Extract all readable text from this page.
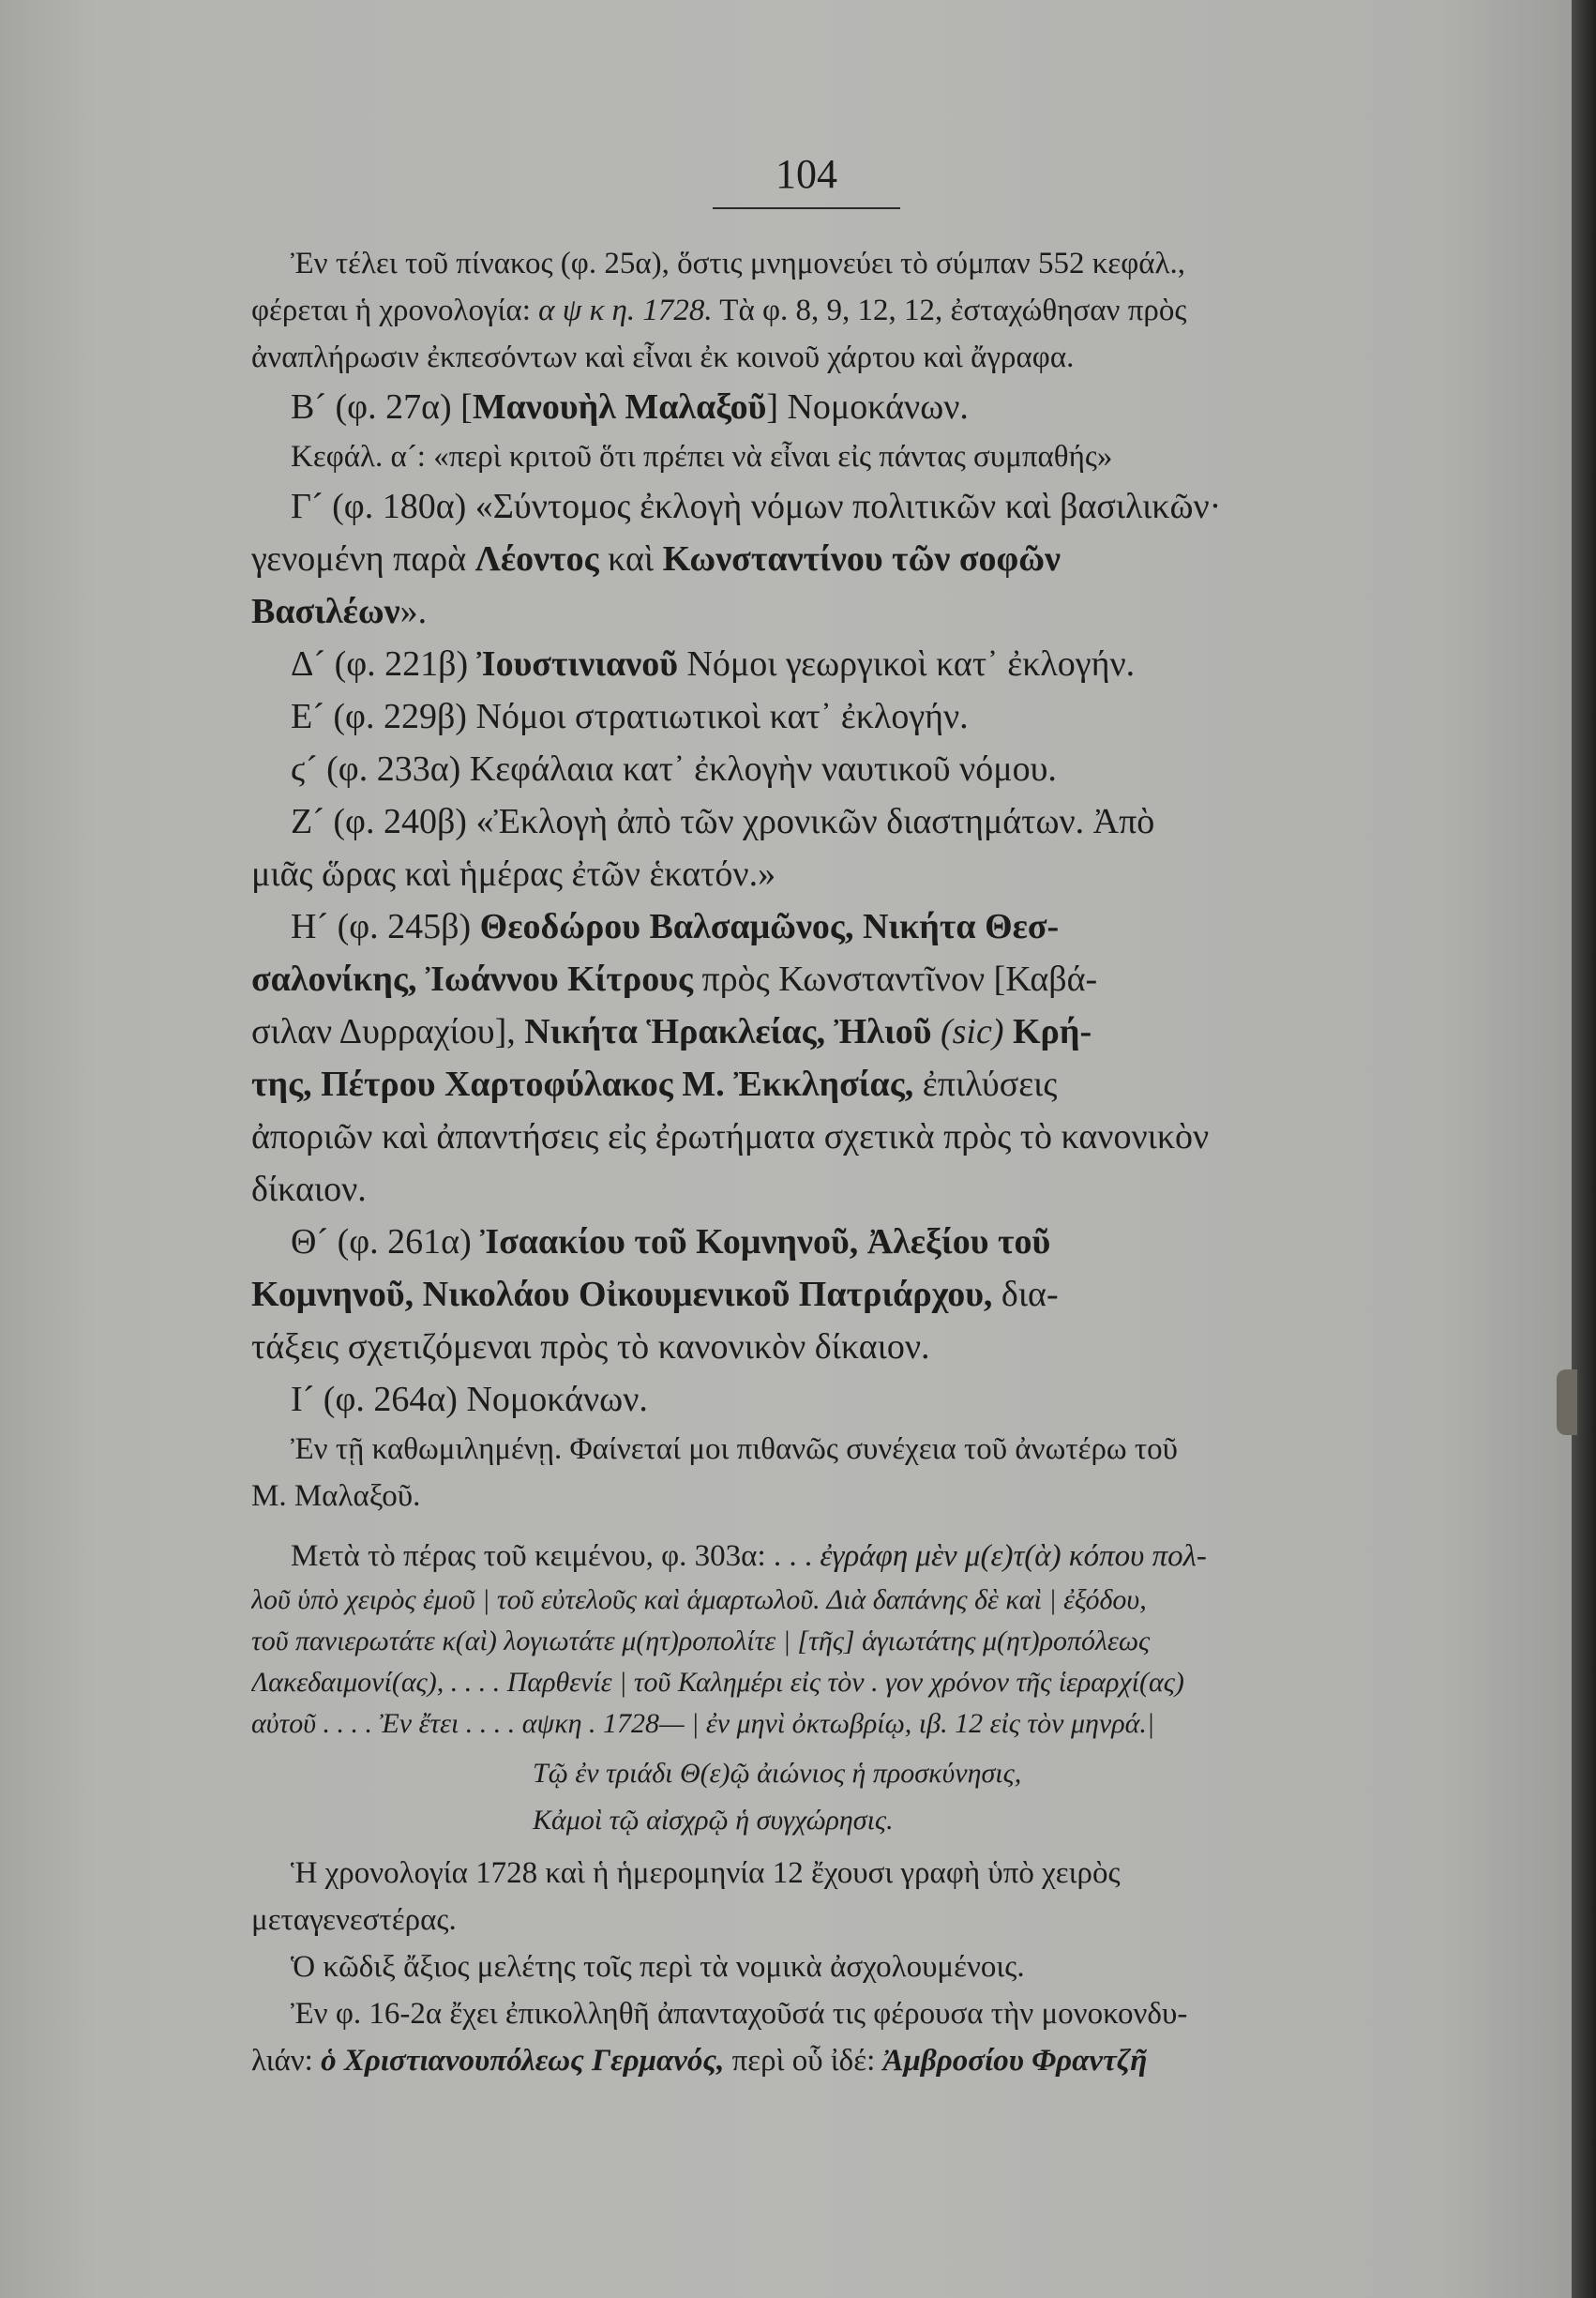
104
Ἐν τέλει τοῦ πίνακος (φ. 25α), ὅστις μνημονεύει τὸ σύμπαν 552 κεφάλ.,
φέρεται ἡ χρονολογία: α ψ κ η. 1728. Τὰ φ. 8, 9, 12, 12, ἐσταχώθησαν πρὸς
ἀναπλήρωσιν ἐκπεσόντων καὶ εἶναι ἐκ κοινοῦ χάρτου καὶ ἄγραφα.
Β´ (φ. 27α) [Μανουὴλ Μαλαξοῦ] Νομοκάνων.
Κεφάλ. α´: «περὶ κριτοῦ ὅτι πρέπει νὰ εἶναι εἰς πάντας συμπαθής»
Γ´ (φ. 180α) «Σύντομος ἐκλογὴ νόμων πολιτικῶν καὶ βασιλικῶν·
γενομένη παρὰ Λέοντος καὶ Κωνσταντίνου τῶν σοφῶν
Βασιλέων».
Δ´ (φ. 221β) Ἰουστινιανοῦ Νόμοι γεωργικοὶ κατ᾽ ἐκλογήν.
Ε´ (φ. 229β) Νόμοι στρατιωτικοὶ κατ᾽ ἐκλογήν.
ϛ´ (φ. 233α) Κεφάλαια κατ᾽ ἐκλογὴν ναυτικοῦ νόμου.
Ζ´ (φ. 240β) «Ἐκλογὴ ἀπὸ τῶν χρονικῶν διαστημάτων. Ἀπὸ
μιᾶς ὥρας καὶ ἡμέρας ἐτῶν ἑκατόν.»
Η´ (φ. 245β) Θεοδώρου Βαλσαμῶνος, Νικήτα Θεσ-
σαλονίκης, Ἰωάννου Κίτρους πρὸς Κωνσταντῖνον [Καβά-
σιλαν Δυρραχίου], Νικήτα Ἡρακλείας, Ἠλιοῦ (sic) Κρή-
της, Πέτρου Χαρτοφύλακος Μ. Ἐκκλησίας, ἐπιλύσεις
ἀποριῶν καὶ ἀπαντήσεις εἰς ἐρωτήματα σχετικὰ πρὸς τὸ κανονικὸν
δίκαιον.
Θ´ (φ. 261α) Ἰσαακίου τοῦ Κομνηνοῦ, Ἀλεξίου τοῦ
Κομνηνοῦ, Νικολάου Οἰκουμενικοῦ Πατριάρχου, δια-
τάξεις σχετιζόμεναι πρὸς τὸ κανονικὸν δίκαιον.
Ι´ (φ. 264α) Νομοκάνων.
Ἐν τῇ καθωμιλημένῃ. Φαίνεταί μοι πιθανῶς συνέχεια τοῦ ἀνωτέρω τοῦ
Μ. Μαλαξοῦ.
Μετὰ τὸ πέρας τοῦ κειμένου, φ. 303α: . . . ἐγράφη μὲν μ(ε)τ(ὰ) κόπου πολ-
λοῦ ὑπὸ χειρὸς ἐμοῦ | τοῦ εὐτελοῦς καὶ ἁμαρτωλοῦ. Διὰ δαπάνης δὲ καὶ | ἐξόδου,
τοῦ πανιερωτάτε κ(αὶ) λογιωτάτε μ(ητ)ροπολίτε | [τῆς] ἁγιωτάτης μ(ητ)ροπόλεως
Λακεδαιμονί(ας), . . . . Παρθενίε | τοῦ Καλημέρι εἰς τὸν . γον χρόνον τῆς ἱεραρχί(ας)
αὐτοῦ . . . . Ἐν ἔτει . . . . αψκη . 1728— | ἐν μηνὶ ὀκτωβρίῳ, ιβ. 12 εἰς τὸν μηνρά.|
Τῷ ἐν τριάδι Θ(ε)ῷ ἀιώνιος ἡ προσκύνησις,
Κἀμοὶ τῷ αἰσχρῷ ἡ συγχώρησις.
Ἡ χρονολογία 1728 καὶ ἡ ἡμερομηνία 12 ἔχουσι γραφὴ ὑπὸ χειρὸς
μεταγενεστέρας.
Ὁ κῶδιξ ἄξιος μελέτης τοῖς περὶ τὰ νομικὰ ἀσχολουμένοις.
Ἐν φ. 16-2α ἔχει ἐπικολληθῆ ἀπανταχοῦσά τις φέρουσα τὴν μονοκονδυ-
λιάν: ὁ Χριστιανουπόλεως Γερμανός, περὶ οὗ ἰδέ: Ἀμβροσίου Φραντζῆ
